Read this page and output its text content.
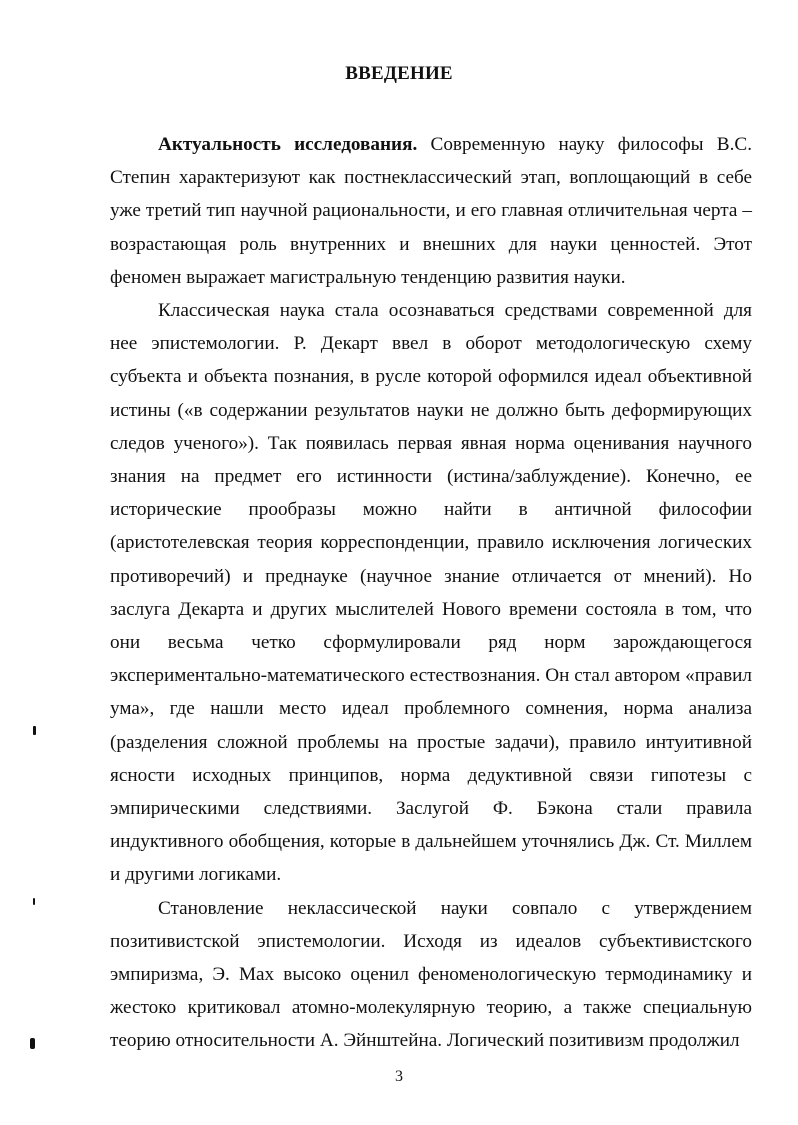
ВВЕДЕНИЕ

Актуальность исследования. Современную науку философы В.С. Степин характеризуют как постнеклассический этап, воплощающий в себе уже третий тип научной рациональности, и его главная отличительная черта – возрастающая роль внутренних и внешних для науки ценностей. Этот феномен выражает магистральную тенденцию развития науки.

Классическая наука стала осознаваться средствами современной для нее эпистемологии. Р. Декарт ввел в оборот методологическую схему субъекта и объекта познания, в русле которой оформился идеал объективной истины («в содержании результатов науки не должно быть деформирующих следов ученого»). Так появилась первая явная норма оценивания научного знания на предмет его истинности (истина/заблуждение). Конечно, ее исторические прообразы можно найти в античной философии (аристотелевская теория корреспонденции, правило исключения логических противоречий) и преднауке (научное знание отличается от мнений). Но заслуга Декарта и других мыслителей Нового времени состояла в том, что они весьма четко сформулировали ряд норм зарождающегося экспериментально-математического естествознания. Он стал автором «правил ума», где нашли место идеал проблемного сомнения, норма анализа (разделения сложной проблемы на простые задачи), правило интуитивной ясности исходных принципов, норма дедуктивной связи гипотезы с эмпирическими следствиями. Заслугой Ф. Бэкона стали правила индуктивного обобщения, которые в дальнейшем уточнялись Дж. Ст. Миллем и другими логиками.

Становление неклассической науки совпало с утверждением позитивистской эпистемологии. Исходя из идеалов субъективистского эмпиризма, Э. Мах высоко оценил феноменологическую термодинамику и жестоко критиковал атомно-молекулярную теорию, а также специальную теорию относительности А. Эйнштейна. Логический позитивизм продолжил

3
